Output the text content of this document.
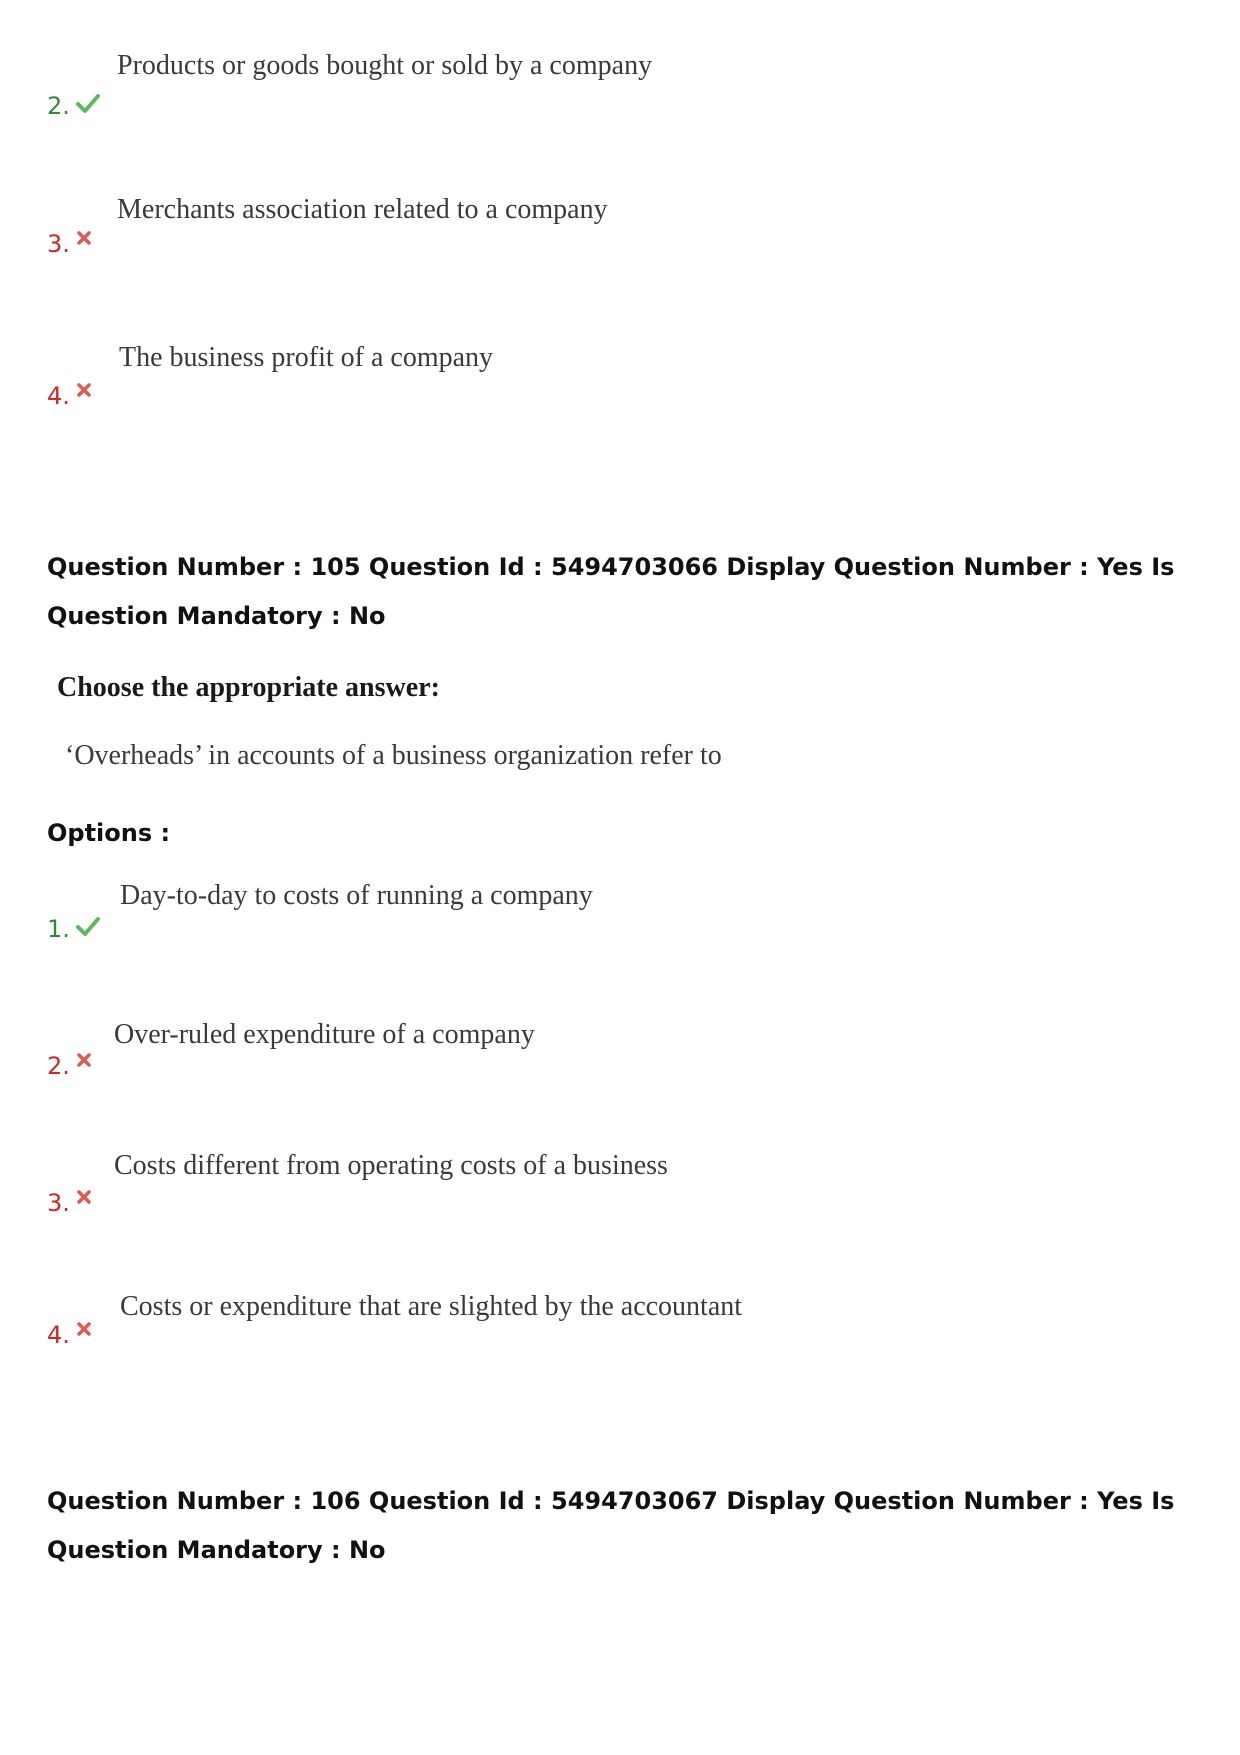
Products or goods bought or sold by a company
2.
Merchants association related to a company
3.
The business profit of a company
4.
Question Number : 105 Question Id : 5494703066 Display Question Number : Yes Is Question Mandatory : No
Choose the appropriate answer:
‘Overheads’ in accounts of a business organization refer to
Options :
Day-to-day to costs of running a company
1.
Over-ruled expenditure of a company
2.
Costs different from operating costs of a business
3.
Costs or expenditure that are slighted by the accountant
4.
Question Number : 106 Question Id : 5494703067 Display Question Number : Yes Is Question Mandatory : No
